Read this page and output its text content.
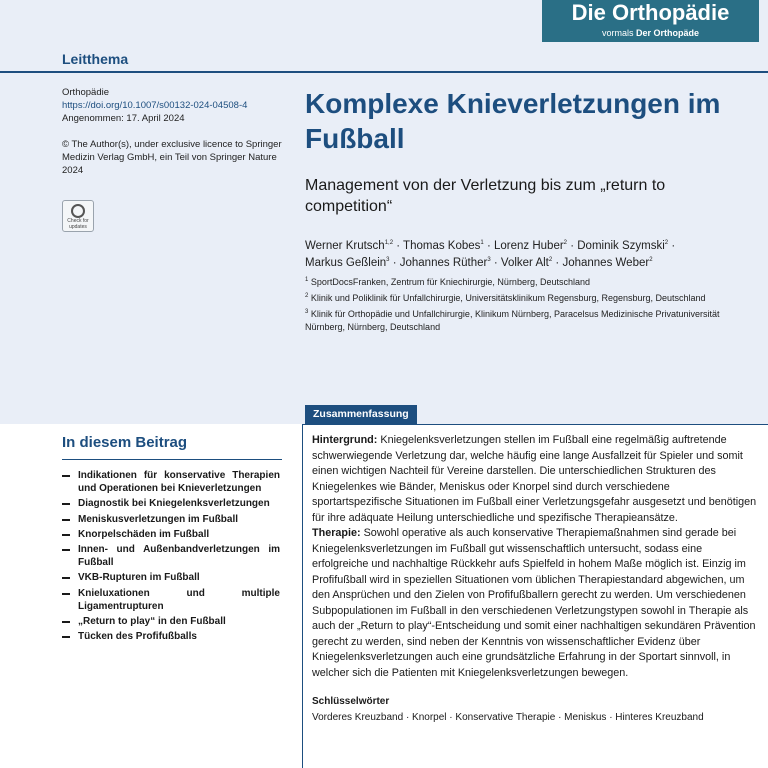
Die Orthopädie
vormals Der Orthopäde
Leitthema
Orthopädie
https://doi.org/10.1007/s00132-024-04508-4
Angenommen: 17. April 2024
© The Author(s), under exclusive licence to Springer Medizin Verlag GmbH, ein Teil von Springer Nature 2024
Check for updates
Komplexe Knieverletzungen im Fußball
Management von der Verletzung bis zum „return to competition“
Werner Krutsch$^{1,2}$ · Thomas Kobes$^1$ · Lorenz Huber$^2$ · Dominik Szymski$^2$ ·
Markus Geßlein$^3$ · Johannes Rüther$^3$ · Volker Alt$^2$ · Johannes Weber$^2$
$^1$ SportDocsFranken, Zentrum für Kniechirurgie, Nürnberg, Deutschland
$^2$ Klinik und Poliklinik für Unfallchirurgie, Universitätsklinikum Regensburg, Regensburg, Deutschland
$^3$ Klinik für Orthopädie und Unfallchirurgie, Klinikum Nürnberg, Paracelsus Medizinische Privatuniversität Nürnberg, Nürnberg, Deutschland
In diesem Beitrag
Indikationen für konservative Therapien und Operationen bei Knieverletzungen
Diagnostik bei Kniegelenksverletzungen
Meniskusverletzungen im Fußball
Knorpelschäden im Fußball
Innen- und Außenbandverletzungen im Fußball
VKB-Rupturen im Fußball
Knieluxationen und multiple Ligamentrupturen
„Return to play“ in den Fußball
Tücken des Profifußballs
Zusammenfassung

Hintergrund: Kniegelenksverletzungen stellen im Fußball eine regelmäßig auftretende schwerwiegende Verletzung dar, welche häufig eine lange Ausfallzeit für Spieler und somit einen wichtigen Nachteil für Vereine darstellen. Die unterschiedlichen Strukturen des Kniegelenkes wie Bänder, Meniskus oder Knorpel sind durch verschiedene sportartspezifische Situationen im Fußball einer Verletzungsgefahr ausgesetzt und benötigen für ihre adäquate Heilung unterschiedliche und spezifische Therapieansätze.

Therapie: Sowohl operative als auch konservative Therapiemaßnahmen sind gerade bei Kniegelenksverletzungen im Fußball gut wissenschaftlich untersucht, sodass eine erfolgreiche und nachhaltige Rückkehr aufs Spielfeld in hohem Maße möglich ist. Einzig im Profifußball wird in speziellen Situationen vom üblichen Therapiestandard abgewichen, um den Ansprüchen und den Zielen von Profifußballern gerecht zu werden. Um verschiedenen Subpopulationen im Fußball in den verschiedenen Verletzungstypen sowohl in Therapie als auch der „Return to play“-Entscheidung und somit einer nachhaltigen sekundären Prävention gerecht zu werden, sind neben der Kenntnis von wissenschaftlicher Evidenz über Kniegelenksverletzungen auch eine grundsätzliche Erfahrung in der Sportart sinnvoll, in welcher sich die Patienten mit Kniegelenksverletzungen bewegen.

Schlüsselwörter

Vorderes Kreuzband · Knorpel · Konservative Therapie · Meniskus · Hinteres Kreuzband
